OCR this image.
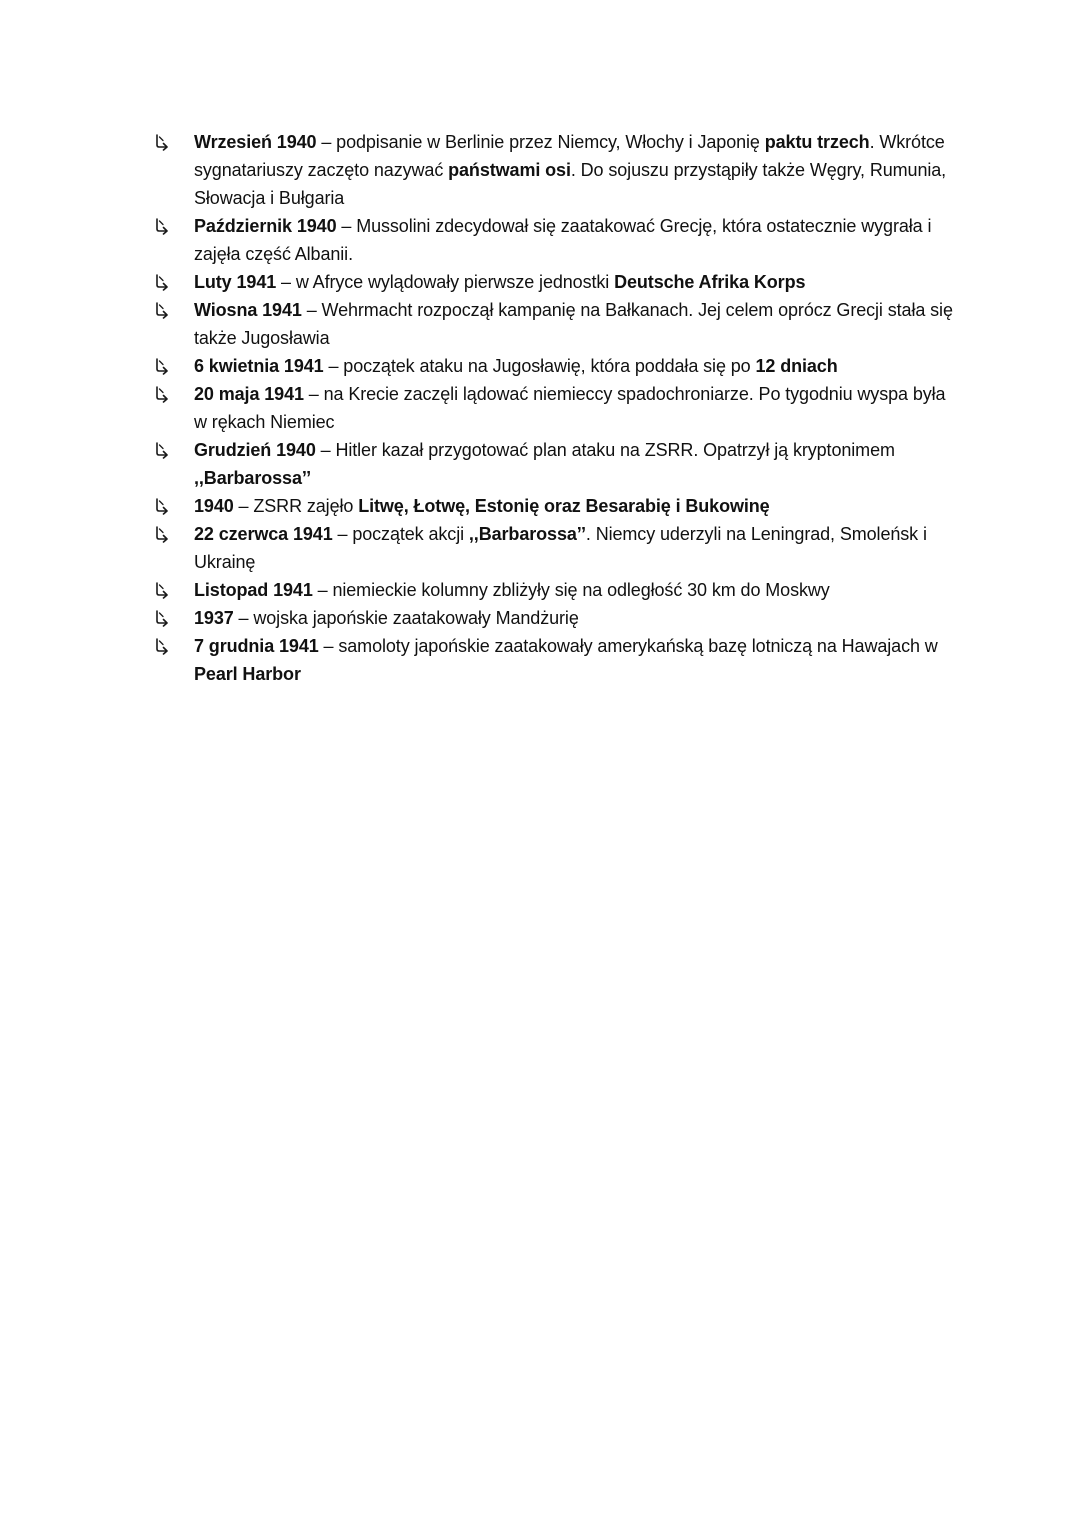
Wrzesień 1940 – podpisanie w Berlinie przez Niemcy, Włochy i Japonię paktu trzech. Wkrótce sygnatariuszy zaczęto nazywać państwami osi. Do sojuszu przystąpiły także Węgry, Rumunia, Słowacja i Bułgaria
Październik 1940 – Mussolini zdecydował się zaatakować Grecję, która ostatecznie wygrała i zajęła część Albanii.
Luty 1941 – w Afryce wylądowały pierwsze jednostki Deutsche Afrika Korps
Wiosna 1941 – Wehrmacht rozpoczął kampanię na Bałkanach. Jej celem oprócz Grecji stała się także Jugosławia
6 kwietnia 1941 – początek ataku na Jugosławię, która poddała się po 12 dniach
20 maja 1941 – na Krecie zaczęli lądować niemieccy spadochroniarze. Po tygodniu wyspa była w rękach Niemiec
Grudzień 1940 – Hitler kazał przygotować plan ataku na ZSRR. Opatrzył ją kryptonimem ,,Barbarossa’’
1940 – ZSRR zajęło Litwę, Łotwę, Estonię oraz Besarabię i Bukowinę
22 czerwca 1941 – początek akcji ,,Barbarossa’’. Niemcy uderzyli na Leningrad, Smoleńsk i Ukrainę
Listopad 1941 – niemieckie kolumny zbliżyły się na odległość 30 km do Moskwy
1937 – wojska japońskie zaatakowały Mandżurię
7 grudnia 1941 – samoloty japońskie zaatakowały amerykańską bazę lotniczą na Hawajach w Pearl Harbor
